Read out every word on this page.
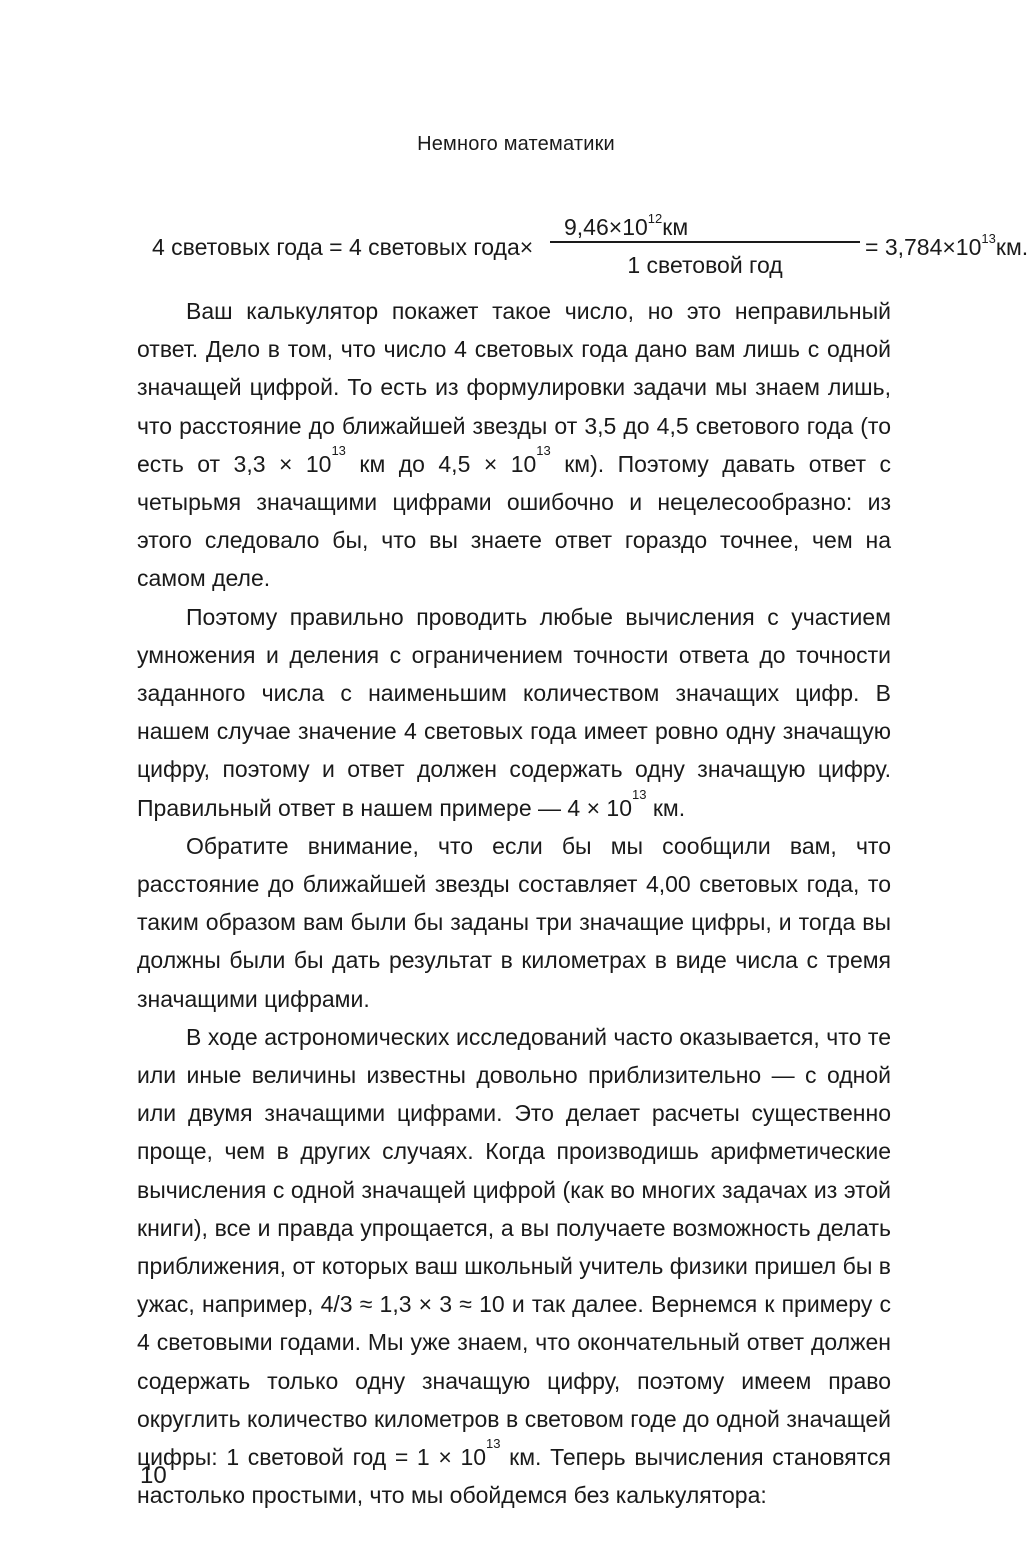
Немного математики
4 световых года = 4 световых года×
$9,46\times 10^{12}км$
1 световой год
= $3,784\times 10^{13}км$.

Ваш калькулятор покажет такое число, но это неправильный ответ. Дело в том, что число 4 световых года дано вам лишь с одной значащей цифрой. То есть из формулировки задачи мы знаем лишь, что расстояние до ближайшей звезды от 3,5 до 4,5 светового года (то есть от $3,3 \times 10^{13}$ км до $4,5 \times 10^{13}$ км). Поэтому давать ответ с четырьмя значащими цифрами ошибочно и нецелесообразно: из этого следовало бы, что вы знаете ответ гораздо точнее, чем на самом деле.

Поэтому правильно проводить любые вычисления с участием умножения и деления с ограничением точности ответа до точности заданного числа с наименьшим количеством значащих цифр. В нашем случае значение 4 световых года имеет ровно одну значащую цифру, поэтому и ответ должен содержать одну значащую цифру. Правильный ответ в нашем примере — $4 \times 10^{13}$ км.

Обратите внимание, что если бы мы сообщили вам, что расстояние до ближайшей звезды составляет 4,00 световых года, то таким образом вам были бы заданы три значащие цифры, и тогда вы должны были бы дать результат в километрах в виде числа с тремя значащими цифрами.

В ходе астрономических исследований часто оказывается, что те или иные величины известны довольно приблизительно — с одной или двумя значащими цифрами. Это делает расчеты существенно проще, чем в других случаях. Когда производишь арифметические вычисления с одной значащей цифрой (как во многих задачах из этой книги), все и правда упрощается, а вы получаете возможность делать приближения, от которых ваш школьный учитель физики пришел бы в ужас, например, 4/3 ≈ 1,3 × 3 ≈ 10 и так далее. Вернемся к примеру с 4 световыми годами. Мы уже знаем, что окончательный ответ должен содержать только одну значащую цифру, поэтому имеем право округлить количество километров в световом годе до одной значащей цифры: 1 световой год = $1 \times 10^{13}$ км. Теперь вычисления становятся настолько простыми, что мы обойдемся без калькулятора:

10
